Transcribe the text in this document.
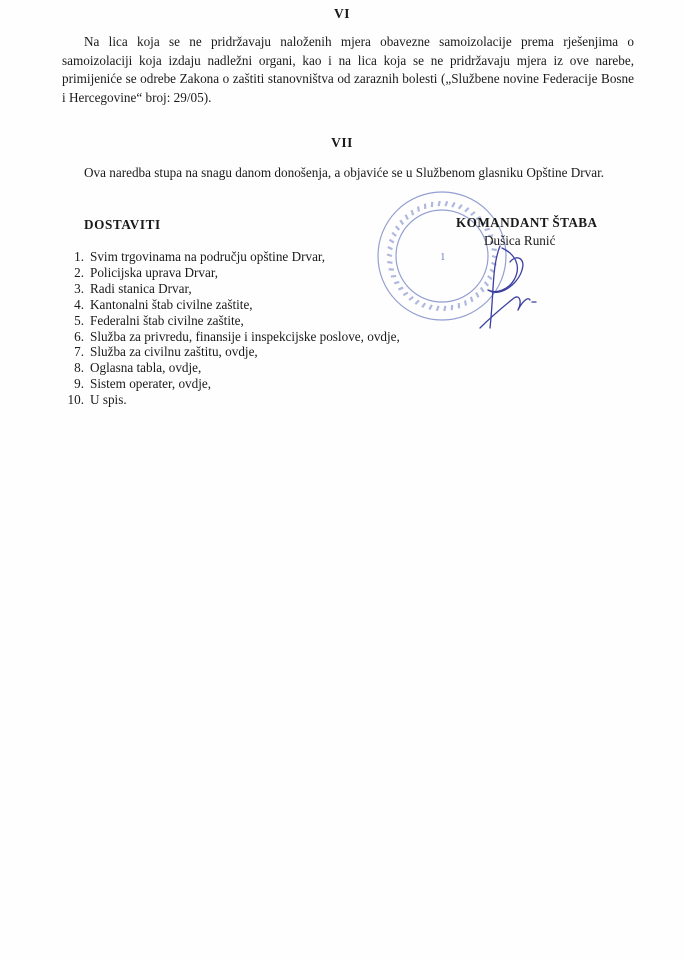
VI
Na lica koja se ne pridržavaju naloženih mjera obavezne samoizolacije prema rješenjima o samoizolaciji koja izdaju nadležni organi, kao i na lica koja se ne pridržavaju mjera iz ove narebe, primijeniće se odrebe Zakona o zaštiti stanovništva od zaraznih bolesti („Službene novine Federacije Bosne i Hercegovine“ broj: 29/05).
VII
Ova naredba stupa na snagu danom donošenja, a objaviće se u Službenom glasniku Opštine Drvar.
DOSTAVITI
1. Svim trgovinama na području opštine Drvar,
2. Policijska uprava Drvar,
3. Radi stanica Drvar,
4. Kantonalni štab civilne zaštite,
5. Federalni štab civilne zaštite,
6. Služba za privredu, finansije i inspekcijske poslove, ovdje,
7. Služba za civilnu zaštitu, ovdje,
8. Oglasna tabla, ovdje,
9. Sistem operater, ovdje,
10. U spis.
1
KOMANDANT ŠTABA
Dušica Runić
